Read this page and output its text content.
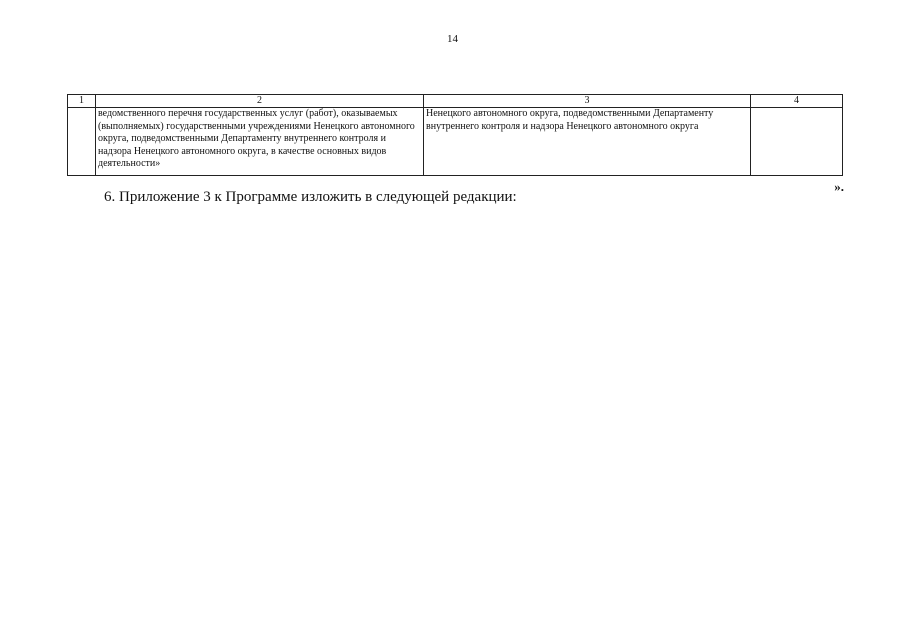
14
1	2	3	4
	ведомственного перечня государственных услуг (работ), оказываемых (выполняемых) государственными учреждениями Ненецкого автономного округа, подведомственными Департаменту внутреннего контроля и надзора Ненецкого автономного округа, в качестве основных видов деятельности»	Ненецкого автономного округа, подведомственными Департаменту внутреннего контроля и надзора Ненецкого автономного округа	
».
6. Приложение 3 к Программе изложить в следующей редакции:
